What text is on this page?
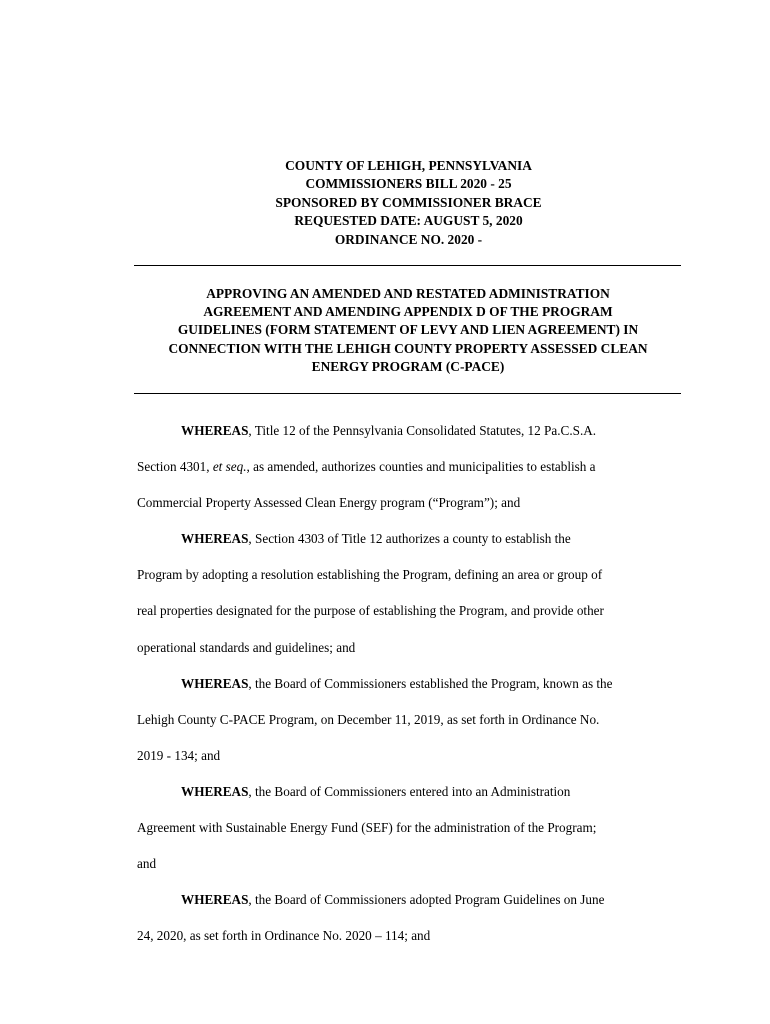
COUNTY OF LEHIGH, PENNSYLVANIA
COMMISSIONERS BILL 2020 - 25
SPONSORED BY COMMISSIONER BRACE
REQUESTED DATE: AUGUST 5, 2020
ORDINANCE NO. 2020 -
APPROVING AN AMENDED AND RESTATED ADMINISTRATION
AGREEMENT AND AMENDING APPENDIX D OF THE PROGRAM
GUIDELINES (FORM STATEMENT OF LEVY AND LIEN AGREEMENT) IN
CONNECTION WITH THE LEHIGH COUNTY PROPERTY ASSESSED CLEAN
ENERGY PROGRAM (C-PACE)
WHEREAS, Title 12 of the Pennsylvania Consolidated Statutes, 12 Pa.C.S.A.
Section 4301, et seq., as amended, authorizes counties and municipalities to establish a
Commercial Property Assessed Clean Energy program (“Program”); and
WHEREAS, Section 4303 of Title 12 authorizes a county to establish the
Program by adopting a resolution establishing the Program, defining an area or group of
real properties designated for the purpose of establishing the Program, and provide other
operational standards and guidelines; and
WHEREAS, the Board of Commissioners established the Program, known as the
Lehigh County C-PACE Program, on December 11, 2019, as set forth in Ordinance No.
2019 - 134; and
WHEREAS, the Board of Commissioners entered into an Administration
Agreement with Sustainable Energy Fund (SEF) for the administration of the Program;
and
WHEREAS, the Board of Commissioners adopted Program Guidelines on June
24, 2020, as set forth in Ordinance No. 2020 – 114; and
